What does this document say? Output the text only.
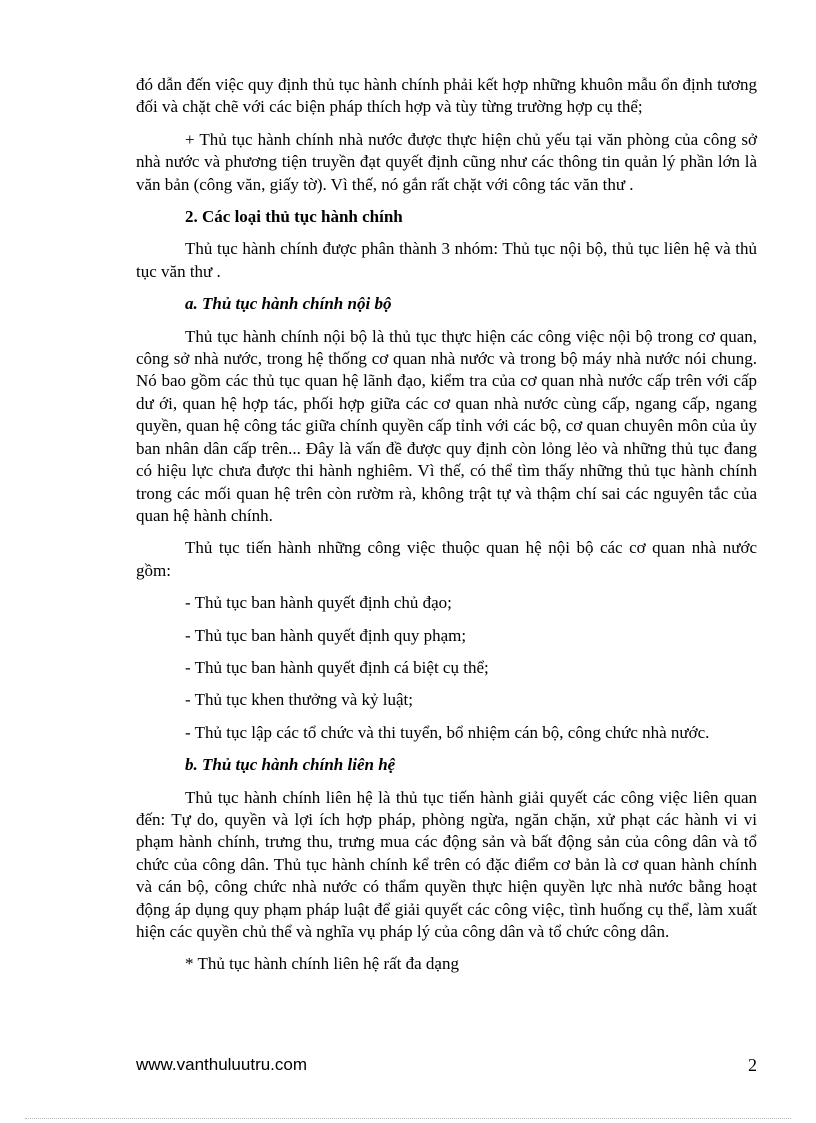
đó dẫn đến việc quy định thủ tục hành chính phải kết hợp những khuôn mẫu ổn định tương đối và chặt chẽ với các biện pháp thích hợp và tùy từng trường hợp cụ thể;

+ Thủ tục hành chính nhà nước được thực hiện chủ yếu tại văn phòng của công sở nhà nước và phương tiện truyền đạt quyết định cũng như các thông tin quản lý phần lớn là văn bản (công văn, giấy tờ). Vì thế, nó gắn rất chặt với công tác văn thư .

2. Các loại thủ tục hành chính

Thủ tục hành chính được phân thành 3 nhóm: Thủ tục nội bộ, thủ tục liên hệ và thủ tục văn thư .

a. Thủ tục hành chính nội bộ

Thủ tục hành chính nội bộ là thủ tục thực hiện các công việc nội bộ trong cơ quan, công sở nhà nước, trong hệ thống cơ quan nhà nước và trong bộ máy nhà nước nói chung. Nó bao gồm các thủ tục quan hệ lãnh đạo, kiểm tra của cơ quan nhà nước cấp trên với cấp dư ới, quan hệ hợp tác, phối hợp giữa các cơ quan nhà nước cùng cấp, ngang cấp, ngang quyền, quan hệ công tác giữa chính quyền cấp tỉnh với các bộ, cơ quan chuyên môn của ủy ban nhân dân cấp trên... Đây là vấn đề được quy định còn lỏng lẻo và những thủ tục đang có hiệu lực chưa được thi hành nghiêm. Vì thế, có thể tìm thấy những thủ tục hành chính trong các mối quan hệ trên còn rườm rà, không trật tự và thậm chí sai các nguyên tắc của quan hệ hành chính.

Thủ tục tiến hành những công việc thuộc quan hệ nội bộ các cơ quan nhà nước gồm:

- Thủ tục ban hành quyết định chủ đạo;

- Thủ tục ban hành quyết định quy phạm;

- Thủ tục ban hành quyết định cá biệt cụ thể;

- Thủ tục khen thưởng và kỷ luật;

- Thủ tục lập các tổ chức và thi tuyển, bổ nhiệm cán bộ, công chức nhà nước.

b. Thủ tục hành chính liên hệ

Thủ tục hành chính liên hệ là thủ tục tiến hành giải quyết các công việc liên quan đến: Tự do, quyền và lợi ích hợp pháp, phòng ngừa, ngăn chặn, xử phạt các hành vi vi phạm hành chính, trưng thu, trưng mua các động sản và bất động sản của công dân và tổ chức của công dân. Thủ tục hành chính kể trên có đặc điểm cơ bản là cơ quan hành chính và cán bộ, công chức nhà nước có thẩm quyền thực hiện quyền lực nhà nước bằng hoạt động áp dụng quy phạm pháp luật để giải quyết các công việc, tình huống cụ thể, làm xuất hiện các quyền chủ thể và nghĩa vụ pháp lý của công dân và tổ chức công dân.

* Thủ tục hành chính liên hệ rất đa dạng

www.vanthuluutru.com	2
